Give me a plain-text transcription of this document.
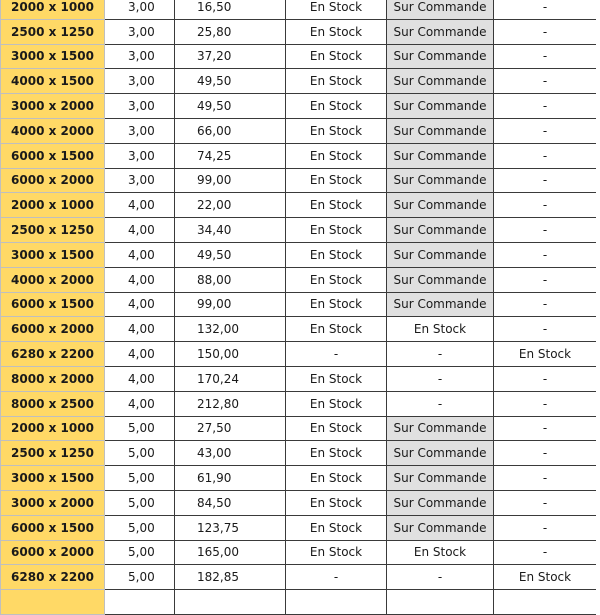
2000 x 1000	3,00	16,50	En Stock	Sur Commande	-
2500 x 1250	3,00	25,80	En Stock	Sur Commande	-
3000 x 1500	3,00	37,20	En Stock	Sur Commande	-
4000 x 1500	3,00	49,50	En Stock	Sur Commande	-
3000 x 2000	3,00	49,50	En Stock	Sur Commande	-
4000 x 2000	3,00	66,00	En Stock	Sur Commande	-
6000 x 1500	3,00	74,25	En Stock	Sur Commande	-
6000 x 2000	3,00	99,00	En Stock	Sur Commande	-
2000 x 1000	4,00	22,00	En Stock	Sur Commande	-
2500 x 1250	4,00	34,40	En Stock	Sur Commande	-
3000 x 1500	4,00	49,50	En Stock	Sur Commande	-
4000 x 2000	4,00	88,00	En Stock	Sur Commande	-
6000 x 1500	4,00	99,00	En Stock	Sur Commande	-
6000 x 2000	4,00	132,00	En Stock	En Stock	-
6280 x 2200	4,00	150,00	-	-	En Stock
8000 x 2000	4,00	170,24	En Stock	-	-
8000 x 2500	4,00	212,80	En Stock	-	-
2000 x 1000	5,00	27,50	En Stock	Sur Commande	-
2500 x 1250	5,00	43,00	En Stock	Sur Commande	-
3000 x 1500	5,00	61,90	En Stock	Sur Commande	-
3000 x 2000	5,00	84,50	En Stock	Sur Commande	-
6000 x 1500	5,00	123,75	En Stock	Sur Commande	-
6000 x 2000	5,00	165,00	En Stock	En Stock	-
6280 x 2200	5,00	182,85	-	-	En Stock
